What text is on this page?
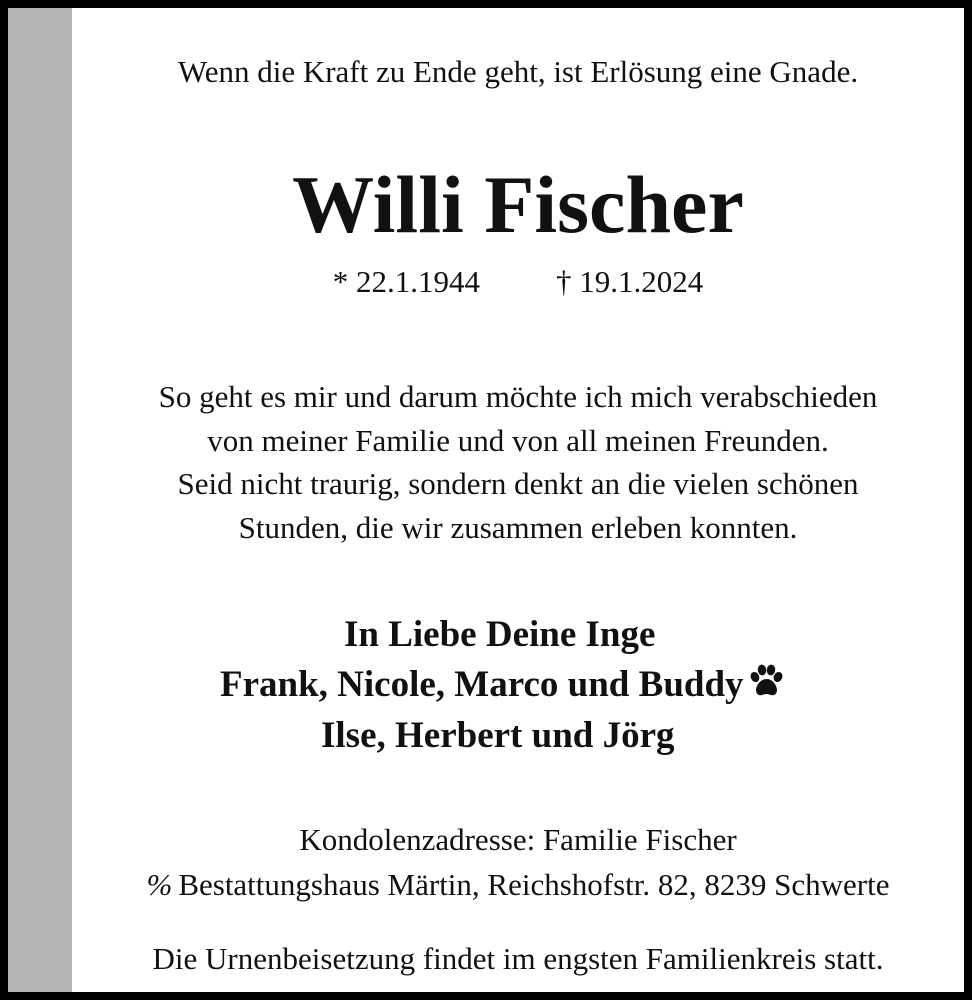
Wenn die Kraft zu Ende geht, ist Erlösung eine Gnade.
Willi Fischer
* 22.1.1944 † 19.1.2024
So geht es mir und darum möchte ich mich verabschieden
von meiner Familie und von all meinen Freunden.
Seid nicht traurig, sondern denkt an die vielen schönen
Stunden, die wir zusammen erleben konnten.
In Liebe Deine Inge
Frank, Nicole, Marco und Buddy
Ilse, Herbert und Jörg
Kondolenzadresse: Familie Fischer
% Bestattungshaus Märtin, Reichshofstr. 82, 8239 Schwerte
Die Urnenbeisetzung findet im engsten Familienkreis statt.
